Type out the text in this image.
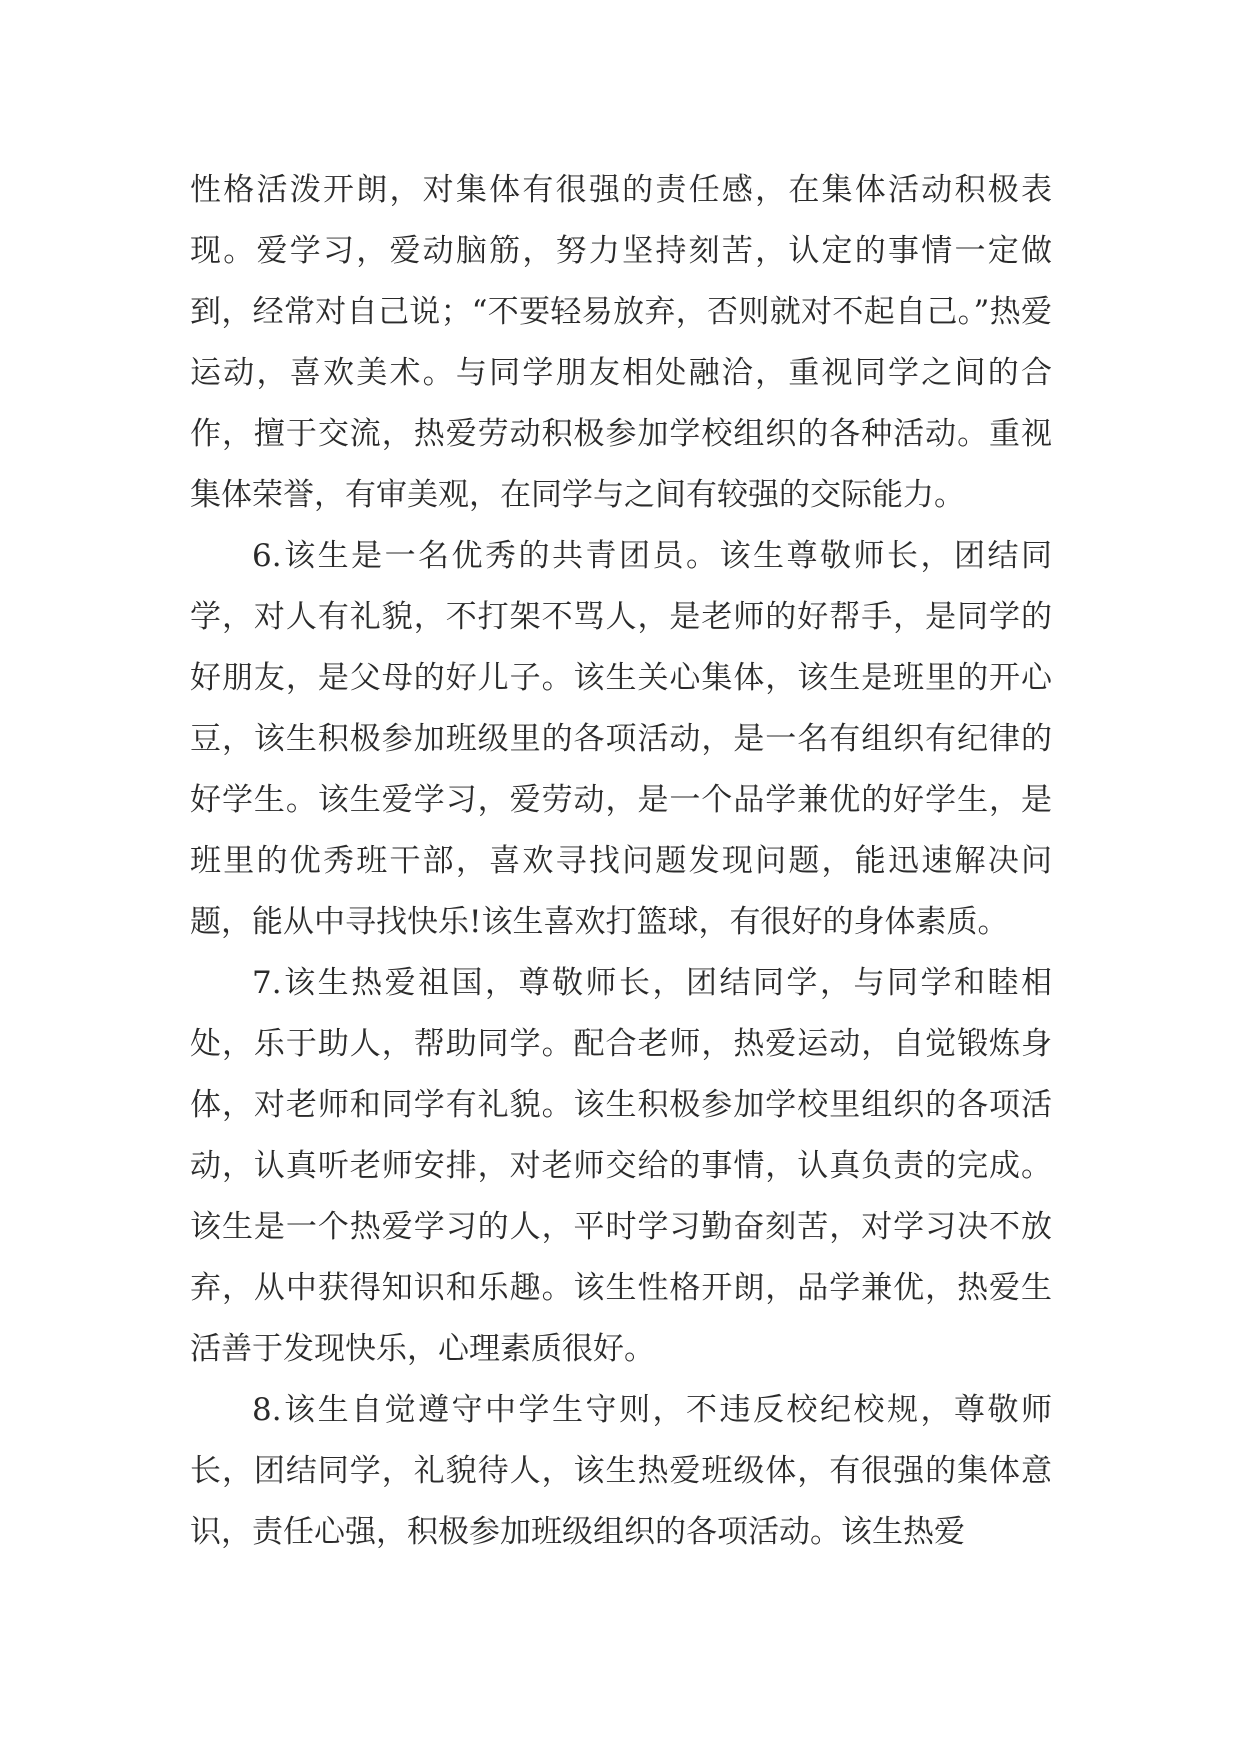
性格活泼开朗，对集体有很强的责任感，在集体活动积极表现。爱学习，爱动脑筋，努力坚持刻苦，认定的事情一定做到，经常对自己说；“不要轻易放弃，否则就对不起自己。”热爱运动，喜欢美术。与同学朋友相处融洽，重视同学之间的合作，擅于交流，热爱劳动积极参加学校组织的各种活动。重视集体荣誉，有审美观，在同学与之间有较强的交际能力。

6.该生是一名优秀的共青团员。该生尊敬师长，团结同学，对人有礼貌，不打架不骂人，是老师的好帮手，是同学的好朋友，是父母的好儿子。该生关心集体，该生是班里的开心豆，该生积极参加班级里的各项活动，是一名有组织有纪律的好学生。该生爱学习，爱劳动，是一个品学兼优的好学生，是班里的优秀班干部，喜欢寻找问题发现问题，能迅速解决问题，能从中寻找快乐!该生喜欢打篮球，有很好的身体素质。

7.该生热爱祖国，尊敬师长，团结同学，与同学和睦相处，乐于助人，帮助同学。配合老师，热爱运动，自觉锻炼身体，对老师和同学有礼貌。该生积极参加学校里组织的各项活动，认真听老师安排，对老师交给的事情，认真负责的完成。该生是一个热爱学习的人，平时学习勤奋刻苦，对学习决不放弃，从中获得知识和乐趣。该生性格开朗，品学兼优，热爱生活善于发现快乐，心理素质很好。

8.该生自觉遵守中学生守则，不违反校纪校规，尊敬师长，团结同学，礼貌待人，该生热爱班级体，有很强的集体意识，责任心强，积极参加班级组织的各项活动。该生热爱
